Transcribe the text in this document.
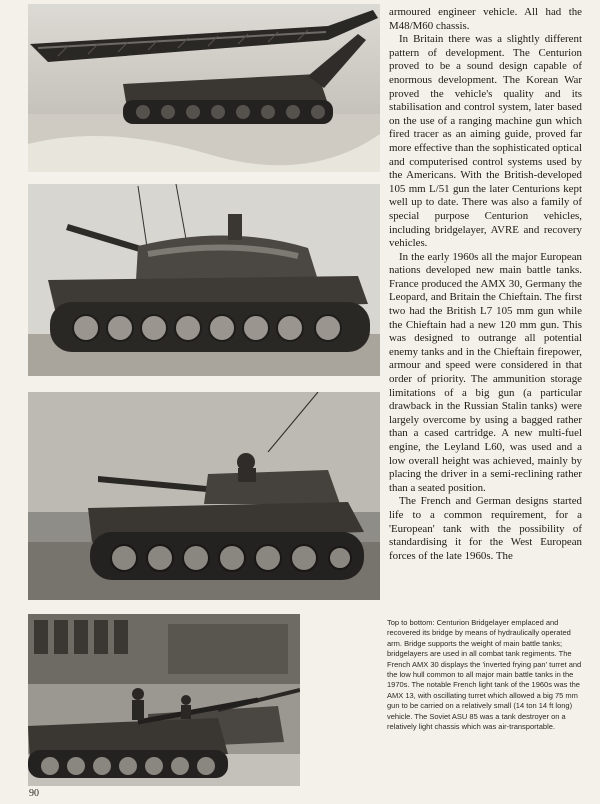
armoured engineer vehicle. All had the M48/M60 chassis.

In Britain there was a slightly different pattern of development. The Centurion proved to be a sound design capable of enormous development. The Korean War proved the vehicle's quality and its stabilisation and control system, later based on the use of a ranging machine gun which fired tracer as an aiming guide, proved far more effective than the sophisticated optical and computerised control systems used by the Americans. With the British-developed 105 mm L/51 gun the later Centurions kept well up to date. There was also a family of special purpose Centurion vehicles, including bridgelayer, AVRE and recovery vehicles.

In the early 1960s all the major European nations developed new main battle tanks. France produced the AMX 30, Germany the Leopard, and Britain the Chieftain. The first two had the British L7 105 mm gun while the Chieftain had a new 120 mm gun. This was designed to outrange all potential enemy tanks and in the Chieftain firepower, armour and speed were considered in that order of priority. The ammunition storage limitations of a big gun (a particular drawback in the Russian Stalin tanks) were largely overcome by using a bagged rather than a cased cartridge. A new multi-fuel engine, the Leyland L60, was used and a low overall height was achieved, mainly by placing the driver in a semi-reclining rather than a seated position.

The French and German designs started life to a common requirement, for a 'European' tank with the possibility of standardising it for the West European forces of the late 1960s. The

Top to bottom: Centurion Bridgelayer emplaced and recovered its bridge by means of hydraulically operated arm. Bridge supports the weight of main battle tanks; bridgelayers are used in all combat tank regiments. The French AMX 30 displays the 'inverted frying pan' turret and the low hull common to all major main battle tanks in the 1970s. The notable French light tank of the 1960s was the AMX 13, with oscillating turret which allowed a big 75 mm gun to be carried on a relatively small (14 ton 14 ft long) vehicle. The Soviet ASU 85 was a tank destroyer on a relatively light chassis which was air-transportable.
90
